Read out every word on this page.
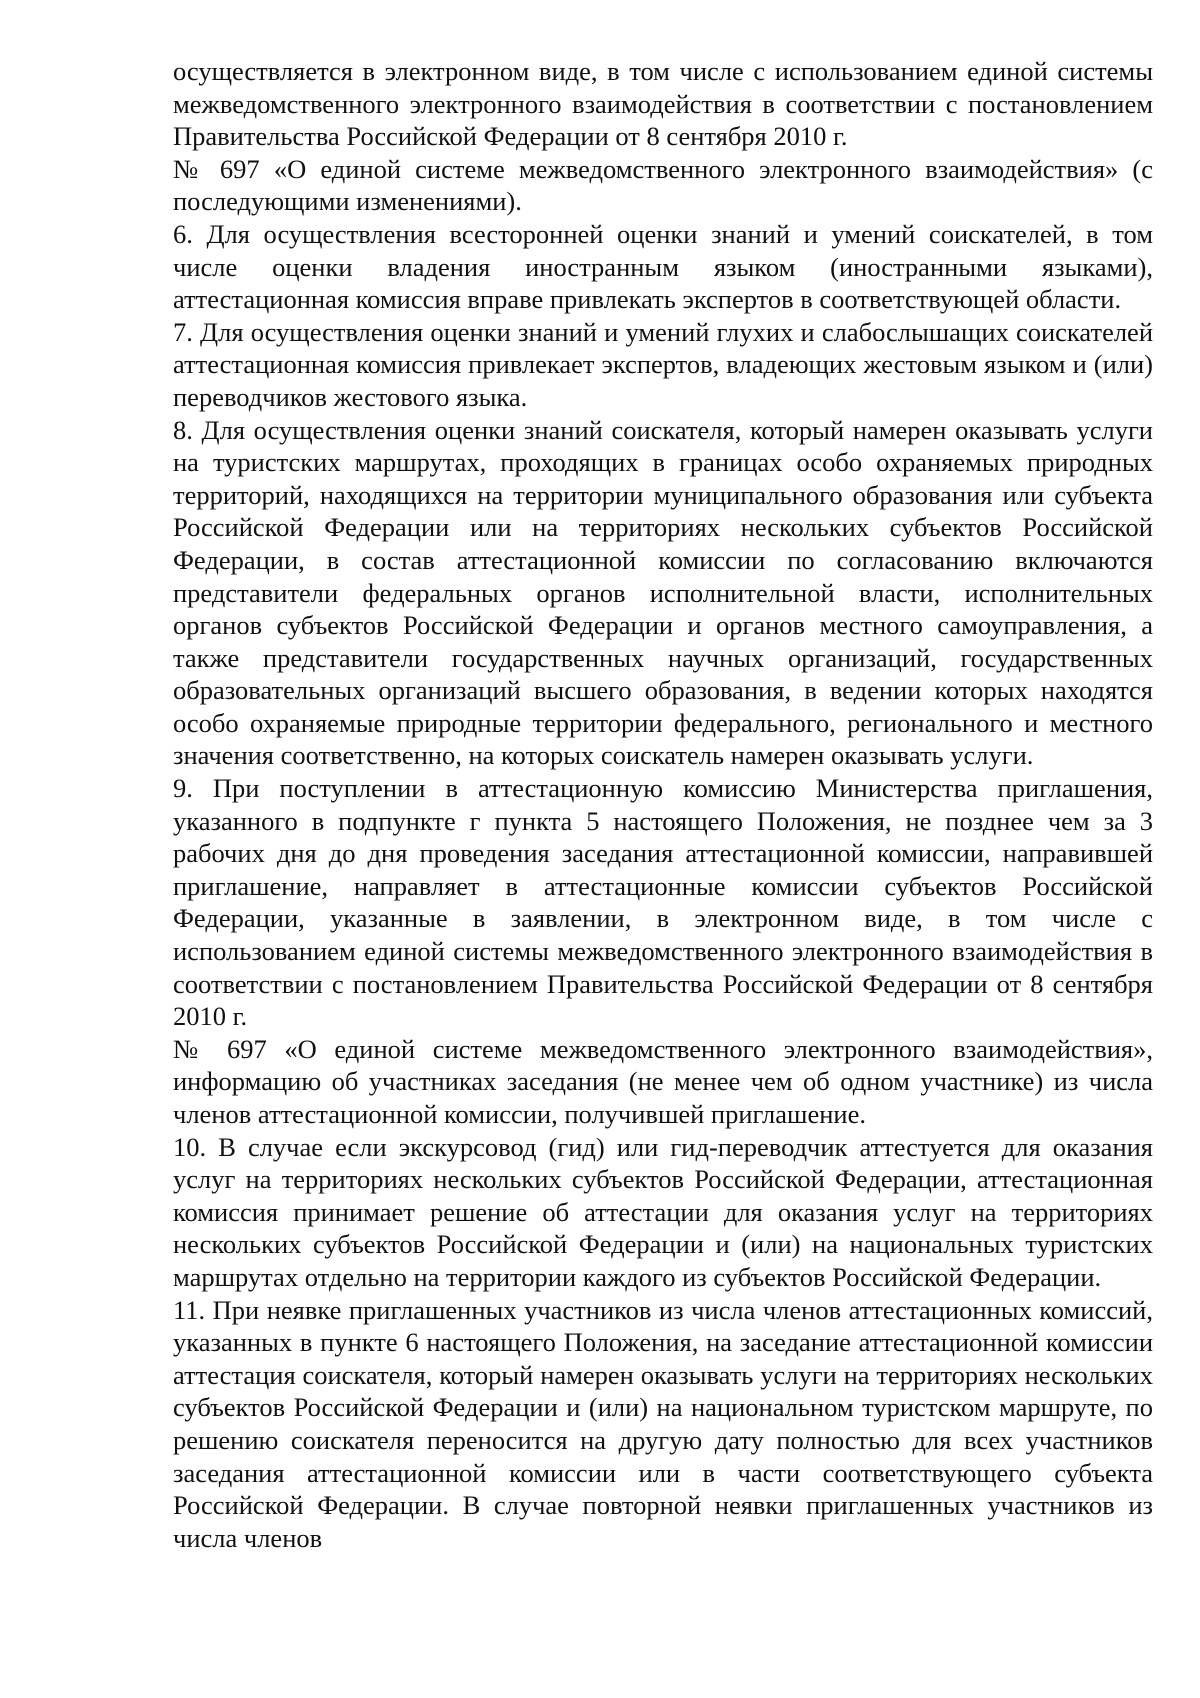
осуществляется в электронном виде, в том числе с использованием единой системы межведомственного электронного взаимодействия в соответствии с постановлением Правительства Российской Федерации от 8 сентября 2010 г.

№ 697 «О единой системе межведомственного электронного взаимодействия» (с последующими изменениями).

6. Для осуществления всесторонней оценки знаний и умений соискателей, в том числе оценки владения иностранным языком (иностранными языками), аттестационная комиссия вправе привлекать экспертов в соответствующей области.

7. Для осуществления оценки знаний и умений глухих и слабослышащих соискателей аттестационная комиссия привлекает экспертов, владеющих жестовым языком и (или) переводчиков жестового языка.

8. Для осуществления оценки знаний соискателя, который намерен оказывать услуги на туристских маршрутах, проходящих в границах особо охраняемых природных территорий, находящихся на территории муниципального образования или субъекта Российской Федерации или на территориях нескольких субъектов Российской Федерации, в состав аттестационной комиссии по согласованию включаются представители федеральных органов исполнительной власти, исполнительных органов субъектов Российской Федерации и органов местного самоуправления, а также представители государственных научных организаций, государственных образовательных организаций высшего образования, в ведении которых находятся особо охраняемые природные территории федерального, регионального и местного значения соответственно, на которых соискатель намерен оказывать услуги.

9. При поступлении в аттестационную комиссию Министерства приглашения, указанного в подпункте г пункта 5 настоящего Положения, не позднее чем за 3 рабочих дня до дня проведения заседания аттестационной комиссии, направившей приглашение, направляет в аттестационные комиссии субъектов Российской Федерации, указанные в заявлении, в электронном виде, в том числе с использованием единой системы межведомственного электронного взаимодействия в соответствии с постановлением Правительства Российской Федерации от 8 сентября 2010 г.

№ 697 «О единой системе межведомственного электронного взаимодействия», информацию об участниках заседания (не менее чем об одном участнике) из числа членов аттестационной комиссии, получившей приглашение.

10. В случае если экскурсовод (гид) или гид-переводчик аттестуется для оказания услуг на территориях нескольких субъектов Российской Федерации, аттестационная комиссия принимает решение об аттестации для оказания услуг на территориях нескольких субъектов Российской Федерации и (или) на национальных туристских маршрутах отдельно на территории каждого из субъектов Российской Федерации.

11. При неявке приглашенных участников из числа членов аттестационных комиссий, указанных в пункте 6 настоящего Положения, на заседание аттестационной комиссии аттестация соискателя, который намерен оказывать услуги на территориях нескольких субъектов Российской Федерации и (или) на национальном туристском маршруте, по решению соискателя переносится на другую дату полностью для всех участников заседания аттестационной комиссии или в части соответствующего субъекта Российской Федерации. В случае повторной неявки приглашенных участников из числа членов
